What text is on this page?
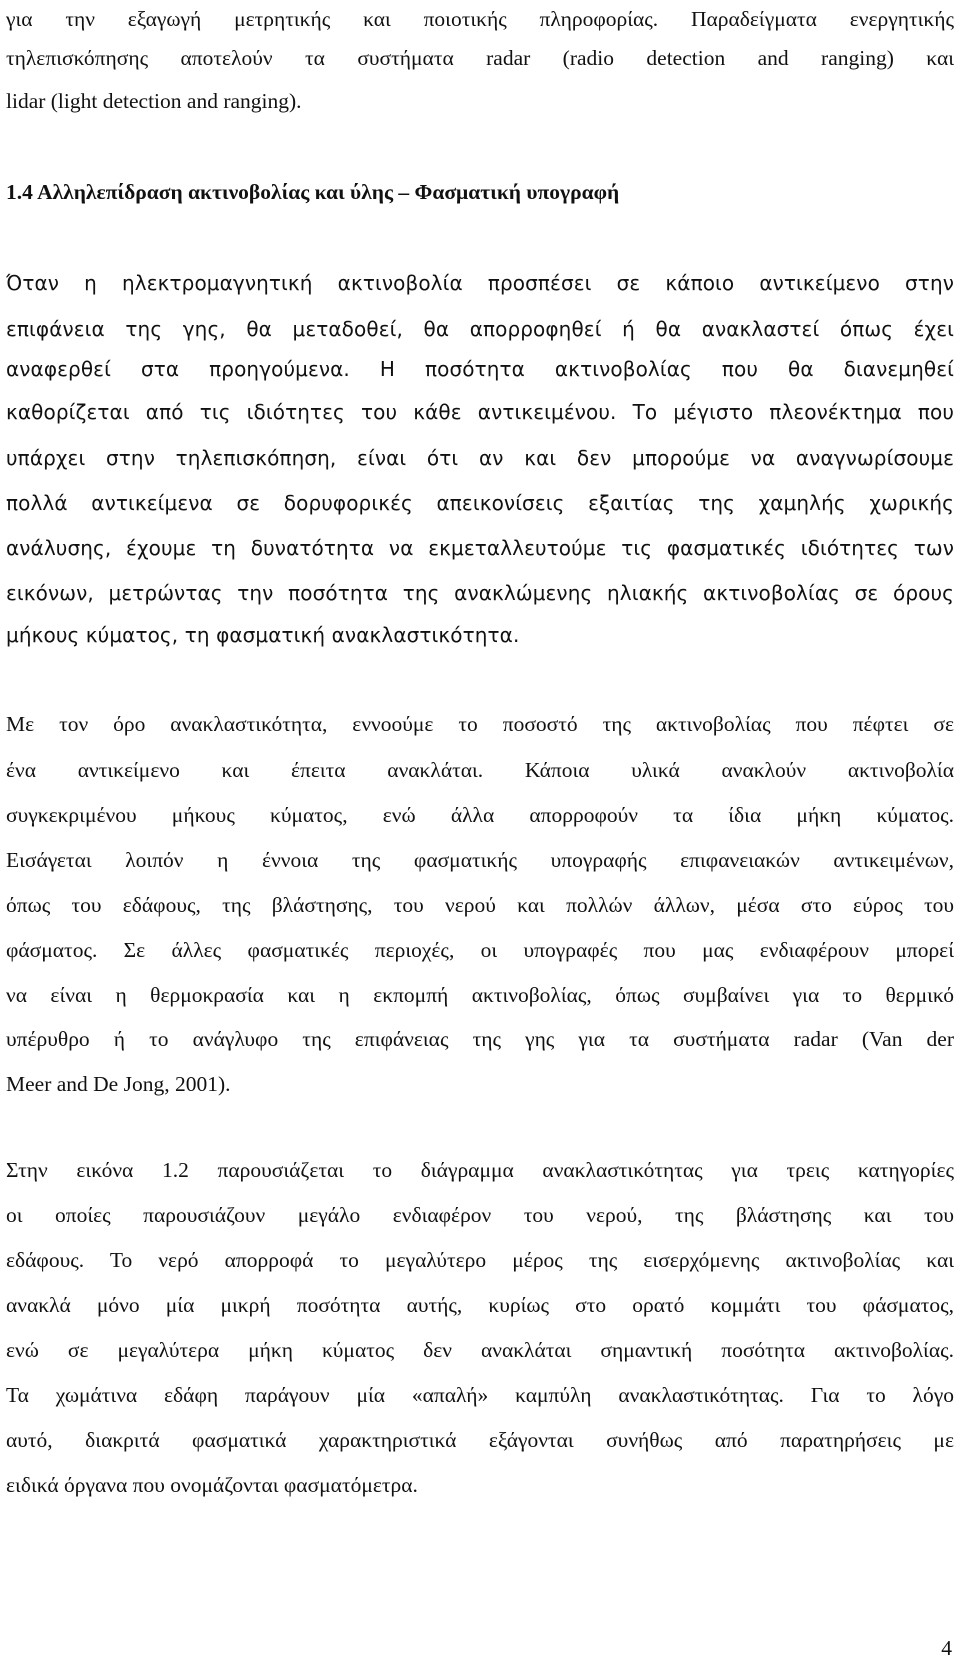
για την εξαγωγή μετρητικής και ποιοτικής πληροφορίας. Παραδείγματα ενεργητικής
τηλεπισκόπησης αποτελούν τα συστήματα radar (radio detection and ranging) και
lidar (light detection and ranging).
1.4 Αλληλεπίδραση ακτινοβολίας και ύλης – Φασματική υπογραφή
Όταν η ηλεκτρομαγνητική ακτινοβολία προσπέσει σε κάποιο αντικείμενο στην
επιφάνεια της γης, θα μεταδοθεί, θα απορροφηθεί ή θα ανακλαστεί όπως έχει
αναφερθεί στα προηγούμενα. Η ποσότητα ακτινοβολίας που θα διανεμηθεί
καθορίζεται από τις ιδιότητες του κάθε αντικειμένου. Το μέγιστο πλεονέκτημα που
υπάρχει στην τηλεπισκόπηση, είναι ότι αν και δεν μπορούμε να αναγνωρίσουμε
πολλά αντικείμενα σε δορυφορικές απεικονίσεις εξαιτίας της χαμηλής χωρικής
ανάλυσης, έχουμε τη δυνατότητα να εκμεταλλευτούμε τις φασματικές ιδιότητες των
εικόνων, μετρώντας την ποσότητα της ανακλώμενης ηλιακής ακτινοβολίας σε όρους
μήκους κύματος, τη φασματική ανακλαστικότητα.
Με τον όρο ανακλαστικότητα, εννοούμε το ποσοστό της ακτινοβολίας που πέφτει σε
ένα αντικείμενο και έπειτα ανακλάται. Κάποια υλικά ανακλούν ακτινοβολία
συγκεκριμένου μήκους κύματος, ενώ άλλα απορροφούν τα ίδια μήκη κύματος.
Εισάγεται λοιπόν η έννοια της φασματικής υπογραφής επιφανειακών αντικειμένων,
όπως του εδάφους, της βλάστησης, του νερού και πολλών άλλων, μέσα στο εύρος του
φάσματος. Σε άλλες φασματικές περιοχές, οι υπογραφές που μας ενδιαφέρουν μπορεί
να είναι η θερμοκρασία και η εκπομπή ακτινοβολίας, όπως συμβαίνει για το θερμικό
υπέρυθρο ή το ανάγλυφο της επιφάνειας της γης για τα συστήματα radar (Van der
Meer and De Jong, 2001).
Στην εικόνα 1.2 παρουσιάζεται το διάγραμμα ανακλαστικότητας για τρεις κατηγορίες
οι οποίες παρουσιάζουν μεγάλο ενδιαφέρον του νερού, της βλάστησης και του
εδάφους. Το νερό απορροφά το μεγαλύτερο μέρος της εισερχόμενης ακτινοβολίας και
ανακλά μόνο μία μικρή ποσότητα αυτής, κυρίως στο ορατό κομμάτι του φάσματος,
ενώ σε μεγαλύτερα μήκη κύματος δεν ανακλάται σημαντική ποσότητα ακτινοβολίας.
Τα χωμάτινα εδάφη παράγουν μία «απαλή» καμπύλη ανακλαστικότητας. Για το λόγο
αυτό, διακριτά φασματικά χαρακτηριστικά εξάγονται συνήθως από παρατηρήσεις με
ειδικά όργανα που ονομάζονται φασματόμετρα.
4
